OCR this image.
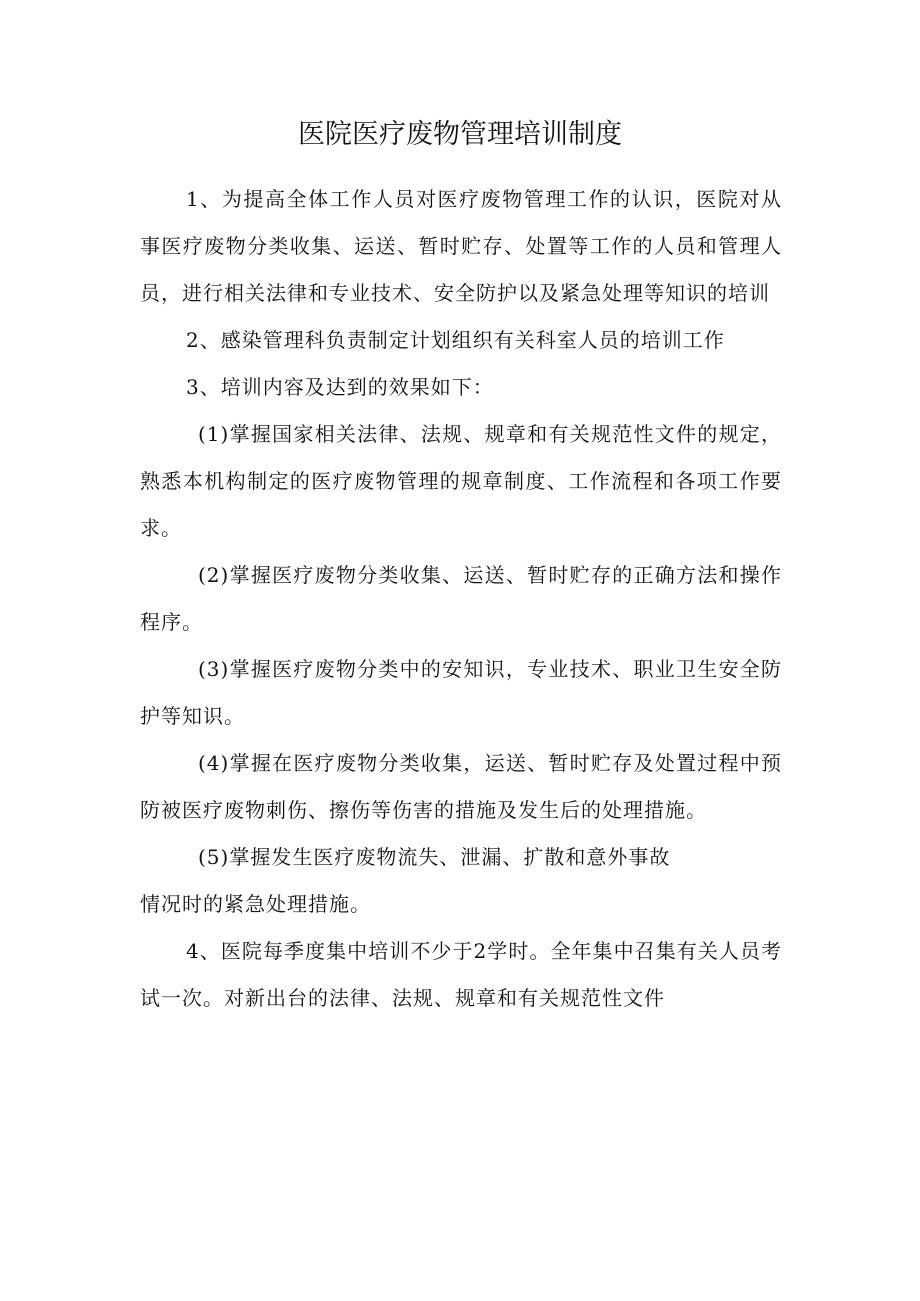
医院医疗废物管理培训制度

1、为提高全体工作人员对医疗废物管理工作的认识，医院对从事医疗废物分类收集、运送、暂时贮存、处置等工作的人员和管理人员，进行相关法律和专业技术、安全防护以及紧急处理等知识的培训

2、感染管理科负责制定计划组织有关科室人员的培训工作

3、培训内容及达到的效果如下：

(1)掌握国家相关法律、法规、规章和有关规范性文件的规定，熟悉本机构制定的医疗废物管理的规章制度、工作流程和各项工作要求。

(2)掌握医疗废物分类收集、运送、暂时贮存的正确方法和操作程序。

(3)掌握医疗废物分类中的安知识，专业技术、职业卫生安全防护等知识。

(4)掌握在医疗废物分类收集，运送、暂时贮存及处置过程中预防被医疗废物刺伤、擦伤等伤害的措施及发生后的处理措施。

(5)掌握发生医疗废物流失、泄漏、扩散和意外事故

情况时的紧急处理措施。

4、医院每季度集中培训不少于2学时。全年集中召集有关人员考试一次。对新出台的法律、法规、规章和有关规范性文件
